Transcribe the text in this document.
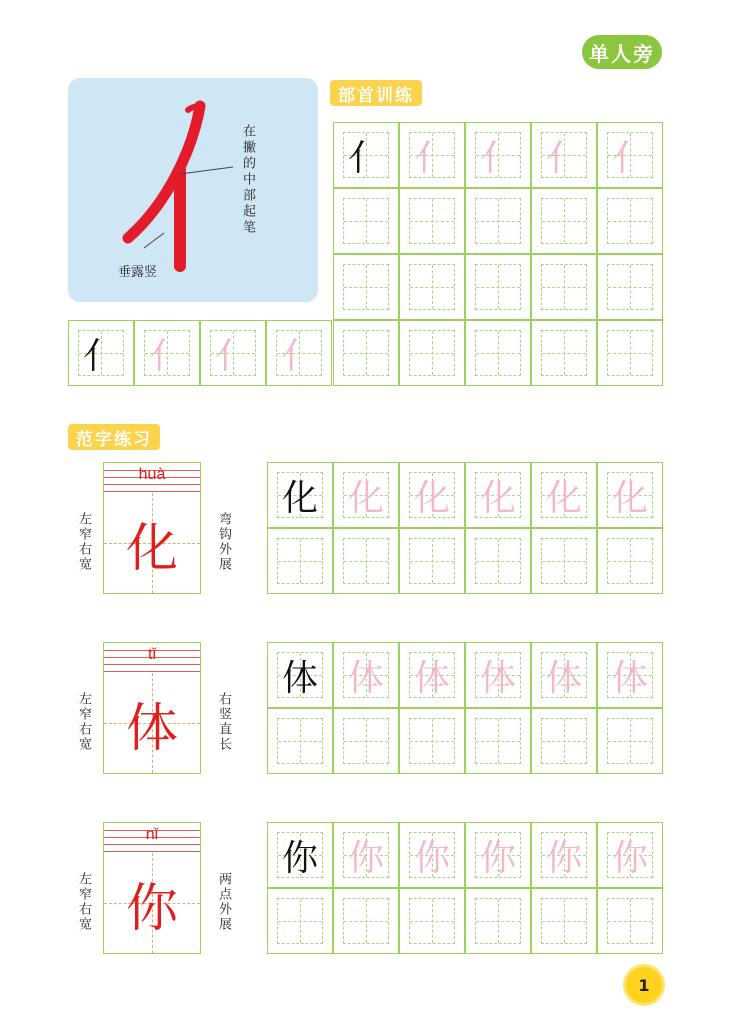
单人旁
部首训练
在撇的中部起笔
垂露竖
亻 亻 亻 亻 亻
亻 亻 亻 亻
范字练习
huà
化
左窄右宽	弯钩外展
化 化 化 化 化 化
tǐ
体
左窄右宽	右竖直长
体 体 体 体 体 体
nǐ
你
左窄右宽	两点外展
你 你 你 你 你 你
1
